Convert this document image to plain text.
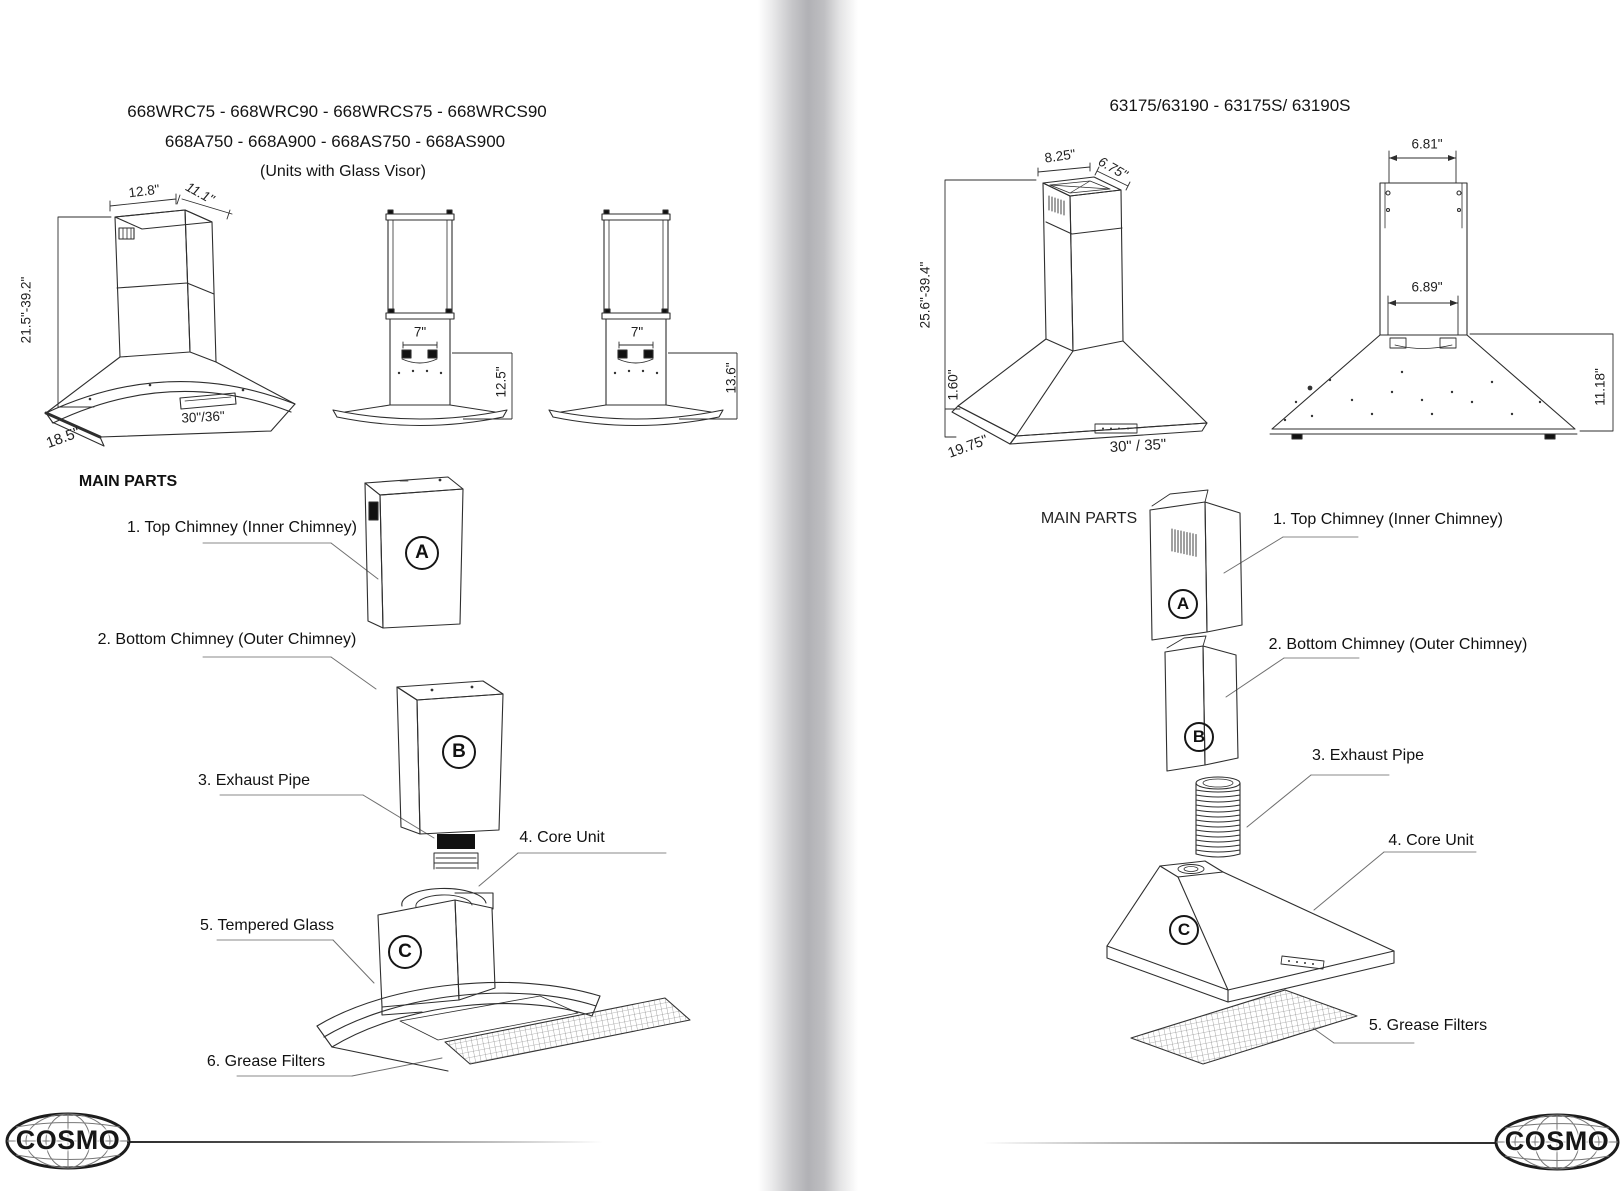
668WRC75 - 668WRC90 - 668WRCS75 - 668WRCS90
668A750 - 668A900 - 668AS750 - 668AS900
(Units with Glass Visor)
12.8" 11.1"
21.5"-39.2"
18.5"
30"/36"
7"
12.5"
7"
13.6"
MAIN PARTS
1. Top Chimney (Inner Chimney)
2. Bottom Chimney (Outer Chimney)
3. Exhaust Pipe
4. Core Unit
5. Tempered Glass
6. Grease Filters
A
B
C
63175/63190 - 63175S/ 63190S
8.25" 6.75"
25.6"-39.4"
1.60"
19.75"	30" / 35"
6.81"
6.89"
11.18"
MAIN PARTS	1. Top Chimney (Inner Chimney)
2. Bottom Chimney (Outer Chimney)
3. Exhaust Pipe
4. Core Unit
5. Grease Filters
A
B
C
COSMO	COSMO
